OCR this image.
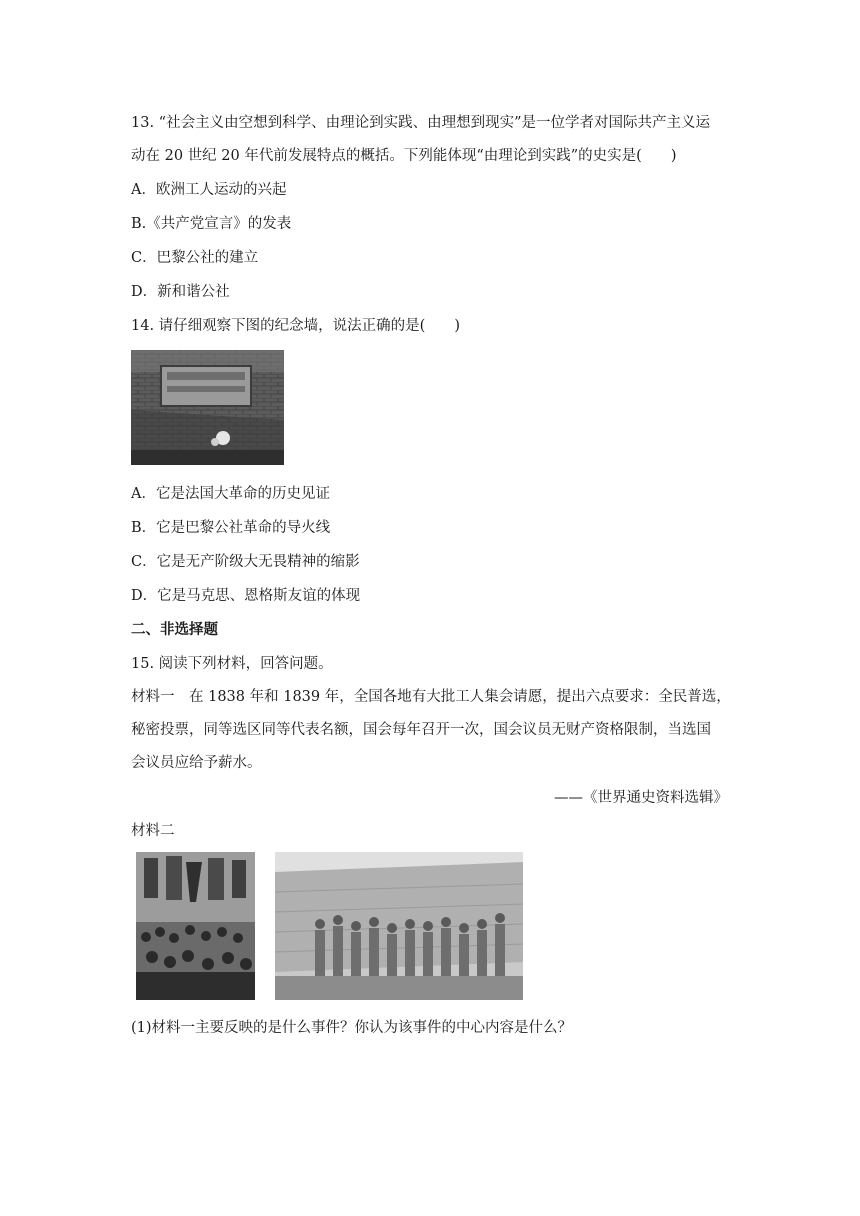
13. “社会主义由空想到科学、由理论到实践、由理想到现实”是一位学者对国际共产主义运
动在 20 世纪 20 年代前发展特点的概括。下列能体现“由理论到实践”的史实是(　　)
A．欧洲工人运动的兴起
B.《共产党宣言》的发表
C．巴黎公社的建立
D．新和谐公社
14. 请仔细观察下图的纪念墙，说法正确的是(　　)
A．它是法国大革命的历史见证
B．它是巴黎公社革命的导火线
C．它是无产阶级大无畏精神的缩影
D．它是马克思、恩格斯友谊的体现
二、非选择题
15. 阅读下列材料，回答问题。
材料一　在 1838 年和 1839 年，全国各地有大批工人集会请愿，提出六点要求：全民普选，
秘密投票，同等选区同等代表名额，国会每年召开一次，国会议员无财产资格限制，当选国
会议员应给予薪水。
——《世界通史资料选辑》
材料二
(1)材料一主要反映的是什么事件？你认为该事件的中心内容是什么？
